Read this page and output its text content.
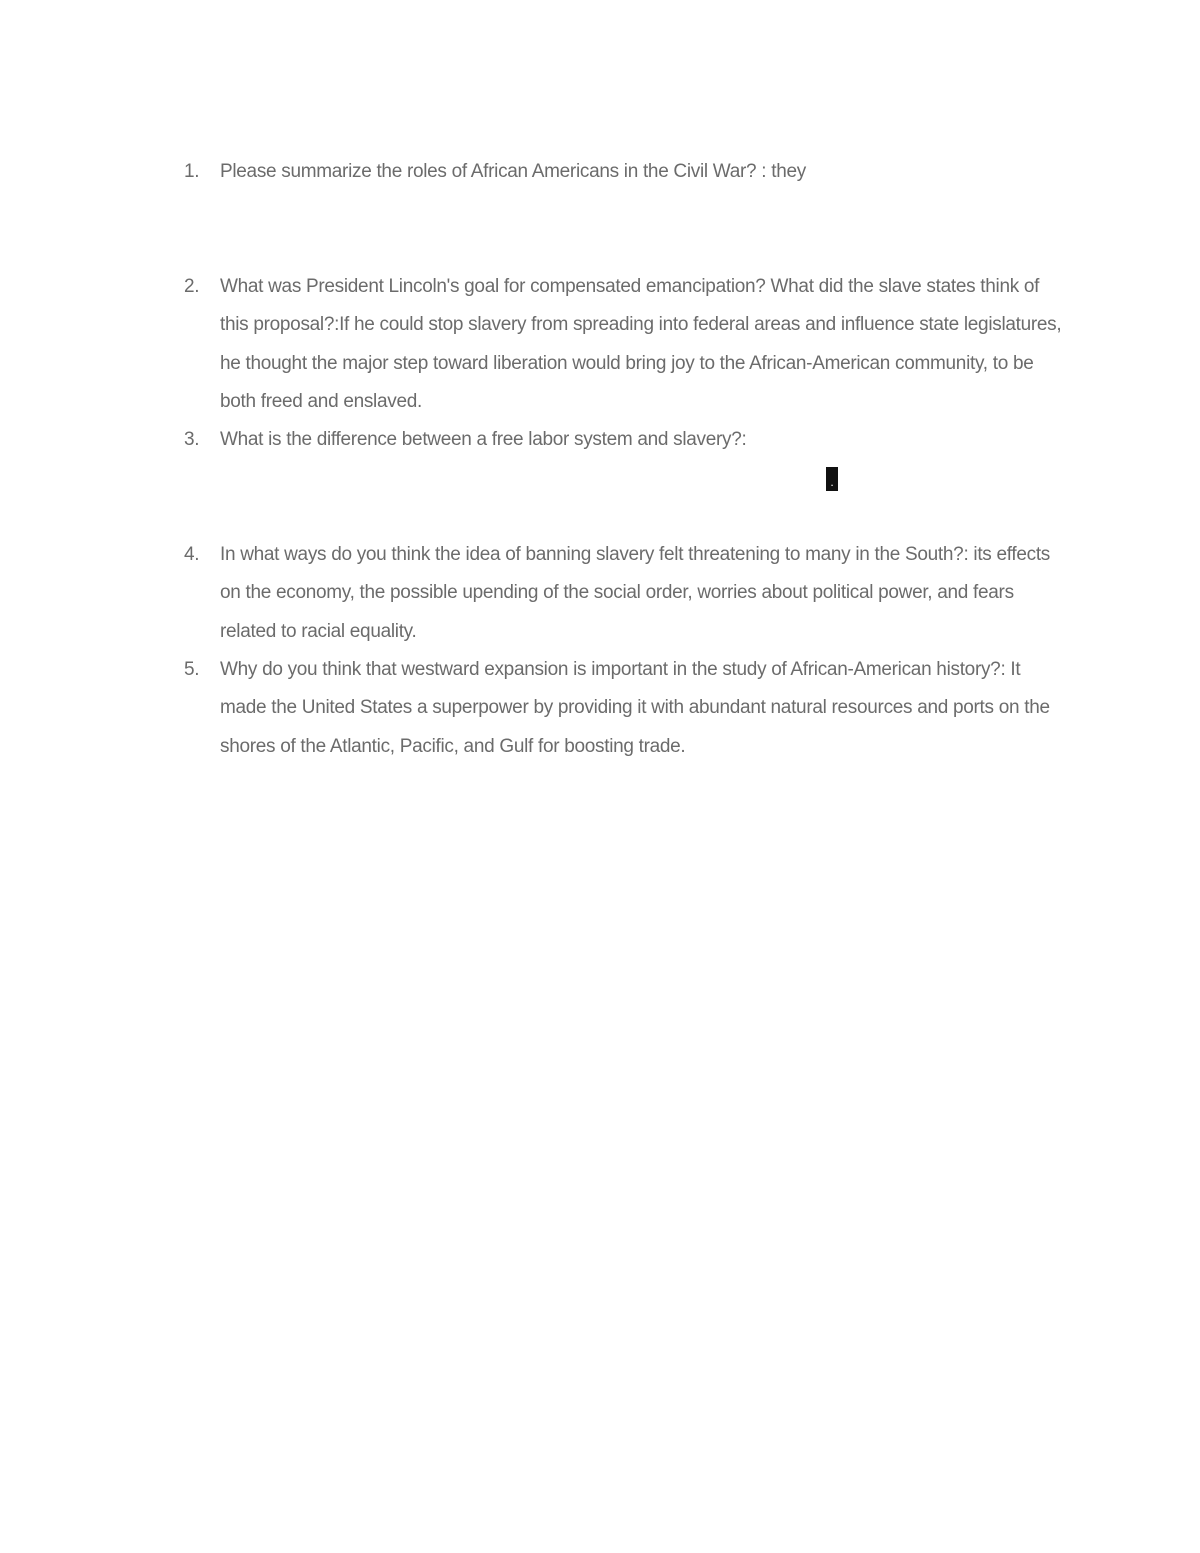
1.	Please summarize the roles of African Americans in the Civil War? : they
2.	What was President Lincoln's goal for compensated emancipation? What did the slave states think of this proposal?:If he could stop slavery from spreading into federal areas and influence state legislatures, he thought the major step toward liberation would bring joy to the African-American community, to be both freed and enslaved.
3.	What is the difference between a free labor system and slavery?:
.
4.	In what ways do you think the idea of banning slavery felt threatening to many in the South?: its effects on the economy, the possible upending of the social order, worries about political power, and fears related to racial equality.
5.	Why do you think that westward expansion is important in the study of African-American history?: It made the United States a superpower by providing it with abundant natural resources and ports on the shores of the Atlantic, Pacific, and Gulf for boosting trade.
